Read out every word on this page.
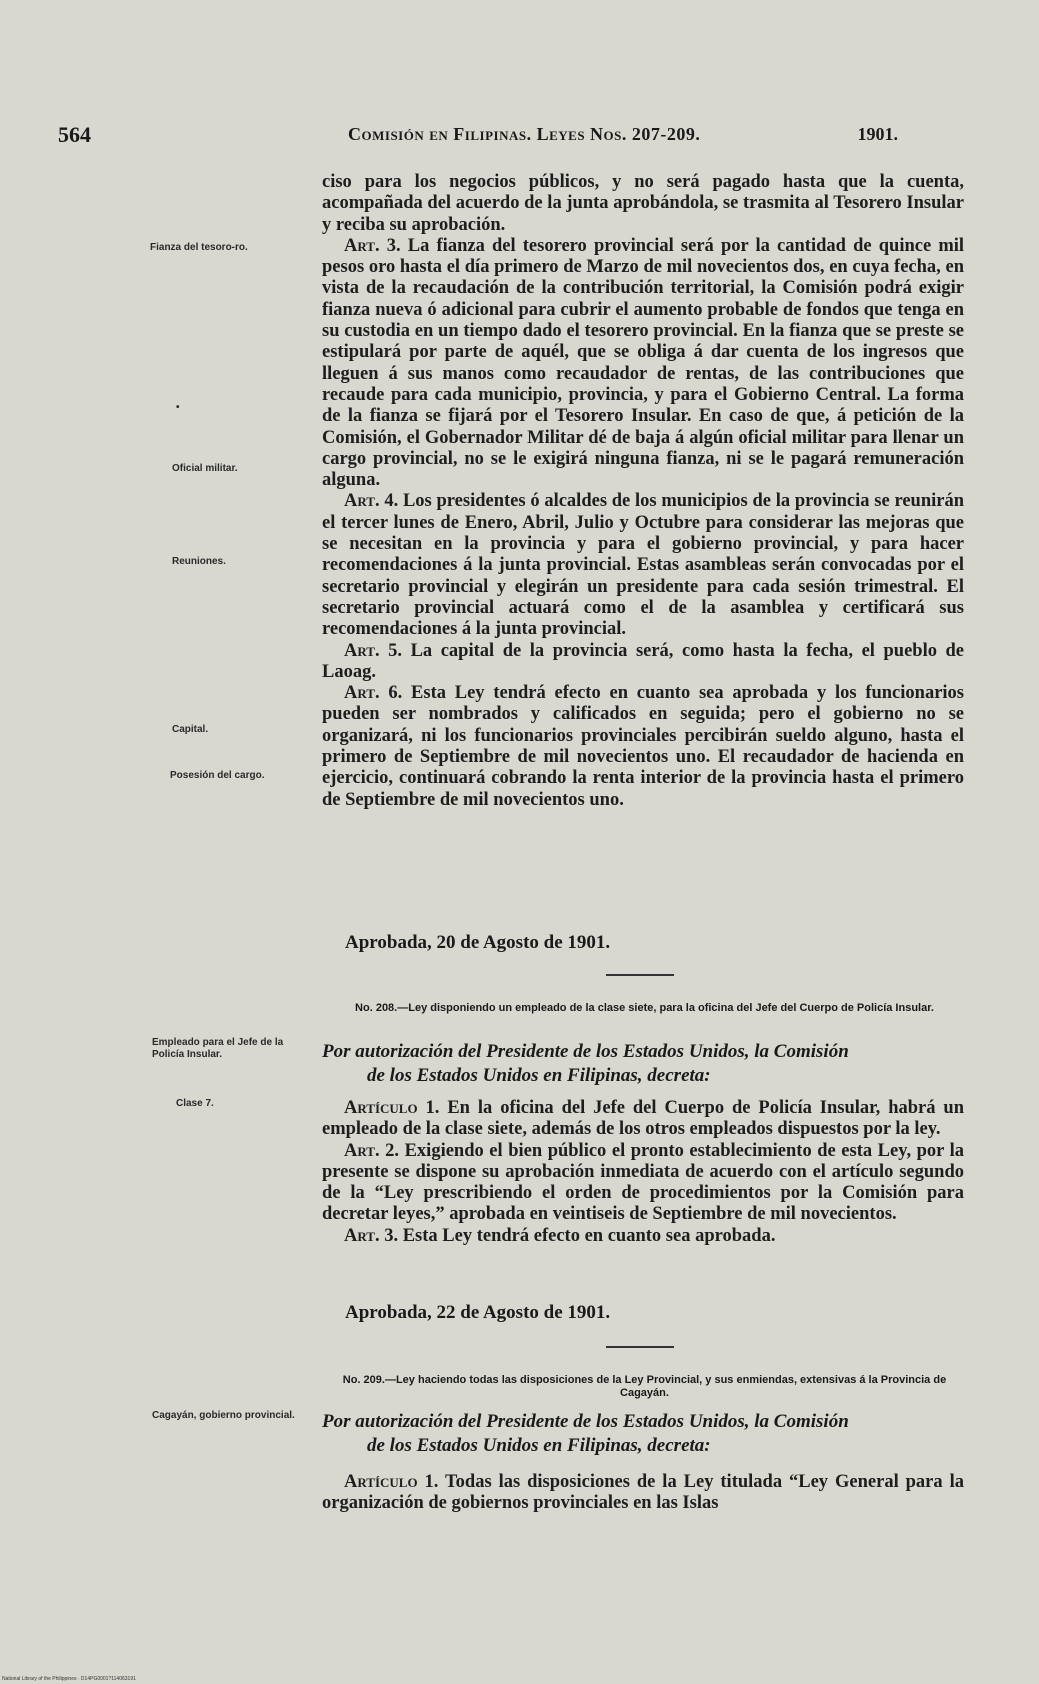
564	Comisión en Filipinas. Leyes Nos. 207-209.	1901.
Fianza del tesoro-ro.
•
Oficial militar.
Reuniones.
Capital.
Posesión del cargo.
Empleado para el Jefe de la Policía Insular.
Clase 7.
Cagayán, gobierno provincial.

ciso para los negocios públicos, y no será pagado hasta que la cuenta, acompañada del acuerdo de la junta aprobándola, se trasmita al Tesorero Insular y reciba su aprobación.

Art. 3. La fianza del tesorero provincial será por la cantidad de quince mil pesos oro hasta el día primero de Marzo de mil novecientos dos, en cuya fecha, en vista de la recaudación de la contribución territorial, la Comisión podrá exigir fianza nueva ó adicional para cubrir el aumento probable de fondos que tenga en su custodia en un tiempo dado el tesorero provincial. En la fianza que se preste se estipulará por parte de aquél, que se obliga á dar cuenta de los ingresos que lleguen á sus manos como recaudador de rentas, de las contribuciones que recaude para cada municipio, provincia, y para el Gobierno Central. La forma de la fianza se fijará por el Tesorero Insular. En caso de que, á petición de la Comisión, el Gobernador Militar dé de baja á algún oficial militar para llenar un cargo provincial, no se le exigirá ninguna fianza, ni se le pagará remuneración alguna.

Art. 4. Los presidentes ó alcaldes de los municipios de la provincia se reunirán el tercer lunes de Enero, Abril, Julio y Octubre para considerar las mejoras que se necesitan en la provincia y para el gobierno provincial, y para hacer recomendaciones á la junta provincial. Estas asambleas serán convocadas por el secretario provincial y elegirán un presidente para cada sesión trimestral. El secretario provincial actuará como el de la asamblea y certificará sus recomendaciones á la junta provincial.

Art. 5. La capital de la provincia será, como hasta la fecha, el pueblo de Laoag.

Art. 6. Esta Ley tendrá efecto en cuanto sea aprobada y los funcionarios pueden ser nombrados y calificados en seguida; pero el gobierno no se organizará, ni los funcionarios provinciales percibirán sueldo alguno, hasta el primero de Septiembre de mil novecientos uno. El recaudador de hacienda en ejercicio, continuará cobrando la renta interior de la provincia hasta el primero de Septiembre de mil novecientos uno.

Aprobada, 20 de Agosto de 1901.
No. 208.—Ley disponiendo un empleado de la clase siete, para la oficina del Jefe del Cuerpo de Policía Insular.
Por autorización del Presidente de los Estados Unidos, la Comisión
de los Estados Unidos en Filipinas, decreta:

Artículo 1. En la oficina del Jefe del Cuerpo de Policía Insular, habrá un empleado de la clase siete, además de los otros empleados dispuestos por la ley.

Art. 2. Exigiendo el bien público el pronto establecimiento de esta Ley, por la presente se dispone su aprobación inmediata de acuerdo con el artículo segundo de la “Ley prescribiendo el orden de procedimientos por la Comisión para decretar leyes,” aprobada en veintiseis de Septiembre de mil novecientos.

Art. 3. Esta Ley tendrá efecto en cuanto sea aprobada.

Aprobada, 22 de Agosto de 1901.
No. 209.—Ley haciendo todas las disposiciones de la Ley Provincial, y sus enmiendas, extensivas á la Provincia de Cagayán.
Por autorización del Presidente de los Estados Unidos, la Comisión
de los Estados Unidos en Filipinas, decreta:

Artículo 1. Todas las disposiciones de la Ley titulada “Ley General para la organización de gobiernos provinciales en las Islas

National Library of the Philippines · D14PG0001?114063191
